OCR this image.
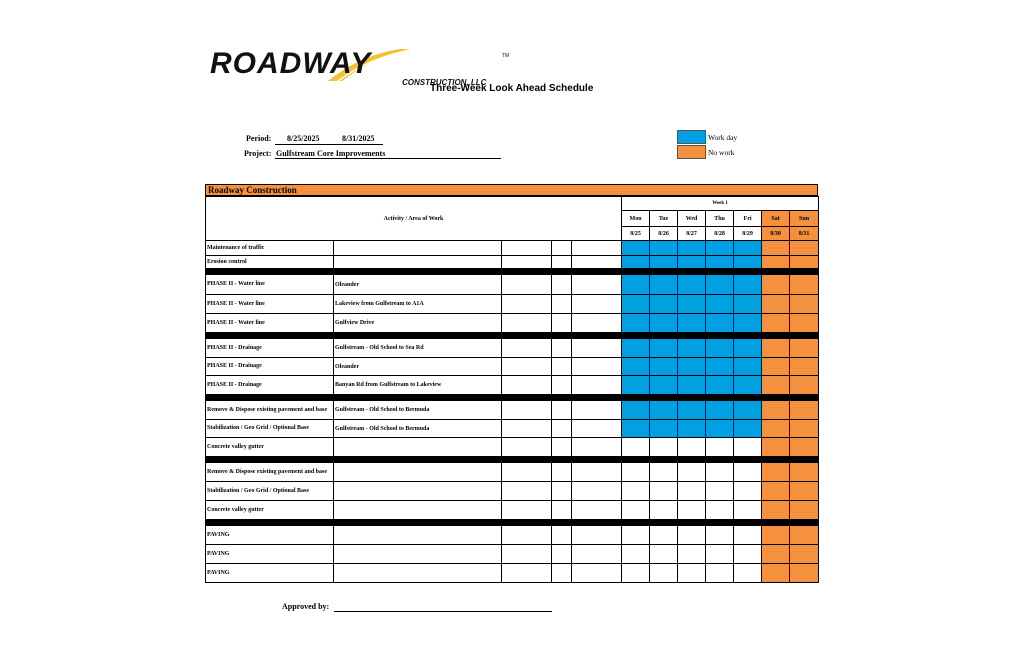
ROADWAY
CONSTRUCTION, LLC
TM
Three-Week Look Ahead Schedule
Period: 8/25/2025	8/31/2025
Project: Gulfstream Core Improvements
Work day
No work
Roadway Construction
Activity / Area of Work					Week 1						
					Mon	Tue	Wed	Thu	Fri	Sat	Sun
					8/25	8/26	8/27	8/28	8/29	8/30	8/31
Maintenance of traffic											
Erosion control											

PHASE II - Water line	Oleander										
PHASE II - Water line	Lakeview from Gulfstream to A1A										
PHASE II - Water line	Gulfview Drive										

PHASE II - Drainage	Gulfstream - Old School to Sea Rd										
PHASE II - Drainage	Oleander										
PHASE II - Drainage	Banyan Rd from Gulfstream to Lakeview										

Remove & Dispose existing pavement and base	Gulfstream - Old School to Bermuda										
Stabilization / Geo Grid / Optional Base	Gulfstream - Old School to Bermuda										
Concrete valley gutter											

Remove & Dispose existing pavement and base											
Stabilization / Geo Grid / Optional Base											
Concrete valley gutter											

PAVING											
PAVING											
PAVING											
Approved by:
